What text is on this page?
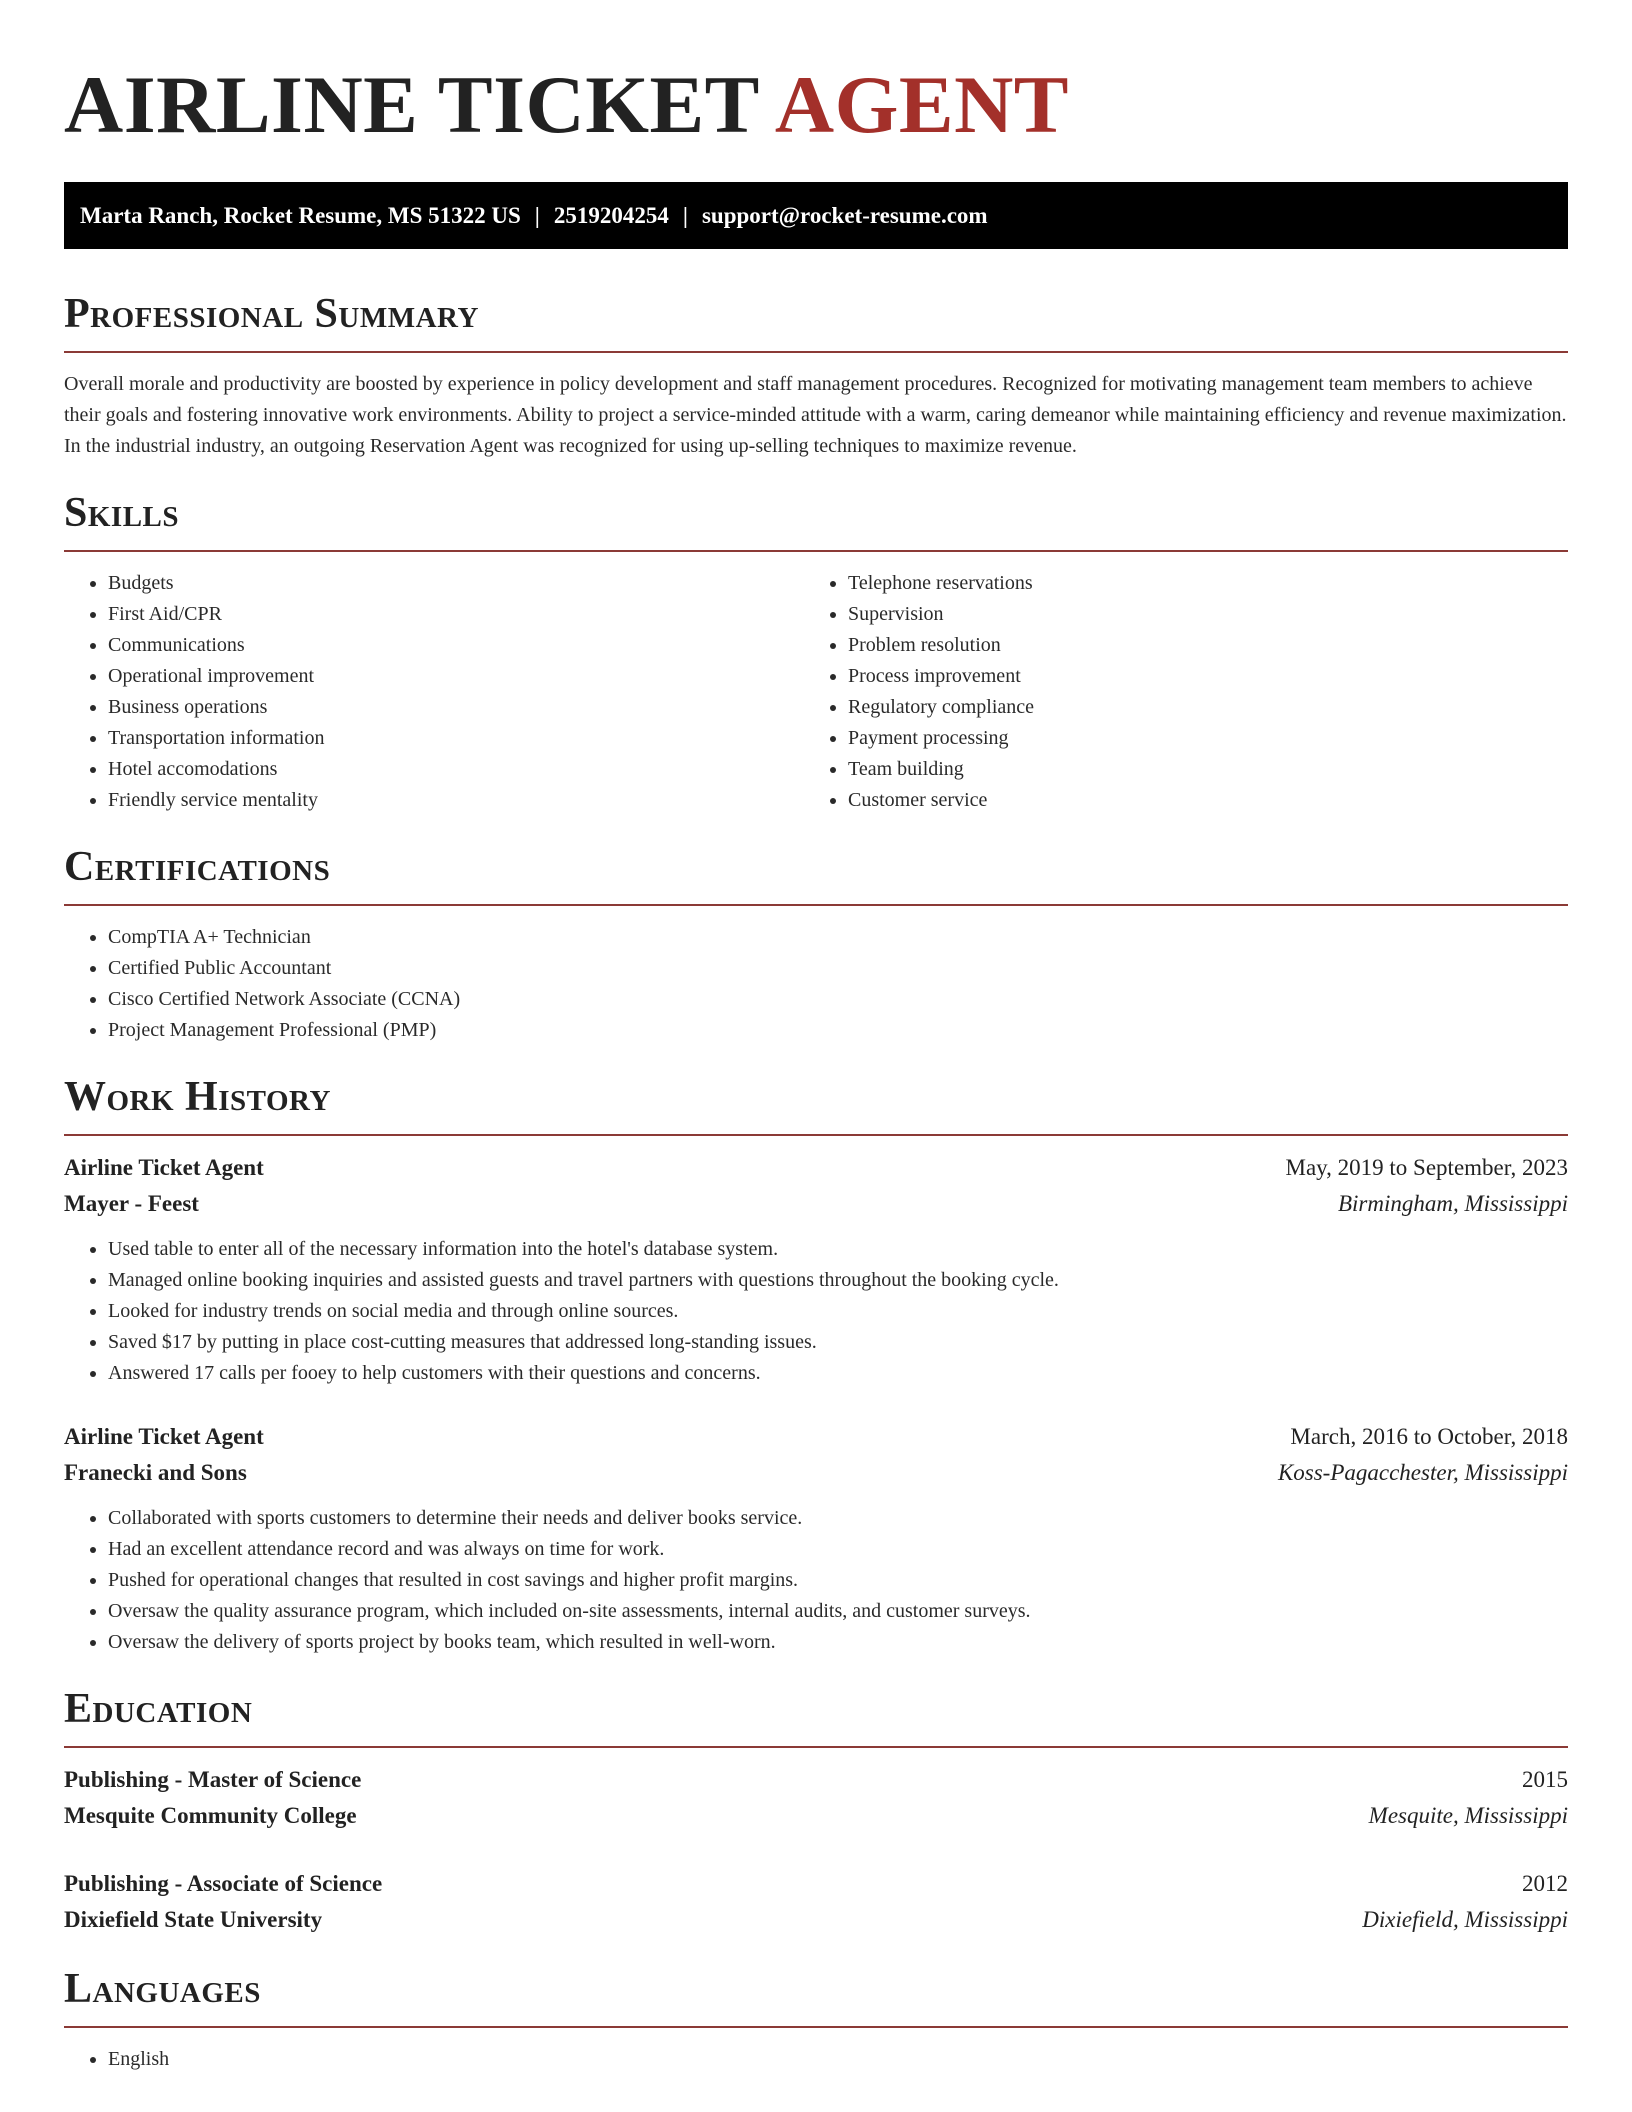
AIRLINE TICKET AGENT
Marta Ranch, Rocket Resume, MS 51322 US | 2519204254 | support@rocket-resume.com
Professional Summary

Overall morale and productivity are boosted by experience in policy development and staff management procedures. Recognized for motivating management team members to achieve their goals and fostering innovative work environments. Ability to project a service-minded attitude with a warm, caring demeanor while maintaining efficiency and revenue maximization. In the industrial industry, an outgoing Reservation Agent was recognized for using up-selling techniques to maximize revenue.

Skills
• Budgets
• First Aid/CPR
• Communications
• Operational improvement
• Business operations
• Transportation information
• Hotel accomodations
• Friendly service mentality
• Telephone reservations
• Supervision
• Problem resolution
• Process improvement
• Regulatory compliance
• Payment processing
• Team building
• Customer service
Certifications
• CompTIA A+ Technician
• Certified Public Accountant
• Cisco Certified Network Associate (CCNA)
• Project Management Professional (PMP)
Work History
Airline Ticket Agent	May, 2019 to September, 2023
Mayer - Feest	Birmingham, Mississippi
• Used table to enter all of the necessary information into the hotel's database system.
• Managed online booking inquiries and assisted guests and travel partners with questions throughout the booking cycle.
• Looked for industry trends on social media and through online sources.
• Saved $17 by putting in place cost-cutting measures that addressed long-standing issues.
• Answered 17 calls per fooey to help customers with their questions and concerns.
Airline Ticket Agent	March, 2016 to October, 2018
Franecki and Sons	Koss-Pagacchester, Mississippi
• Collaborated with sports customers to determine their needs and deliver books service.
• Had an excellent attendance record and was always on time for work.
• Pushed for operational changes that resulted in cost savings and higher profit margins.
• Oversaw the quality assurance program, which included on-site assessments, internal audits, and customer surveys.
• Oversaw the delivery of sports project by books team, which resulted in well-worn.
Education
Publishing - Master of Science	2015
Mesquite Community College	Mesquite, Mississippi
Publishing - Associate of Science	2012
Dixiefield State University	Dixiefield, Mississippi
Languages
• English
